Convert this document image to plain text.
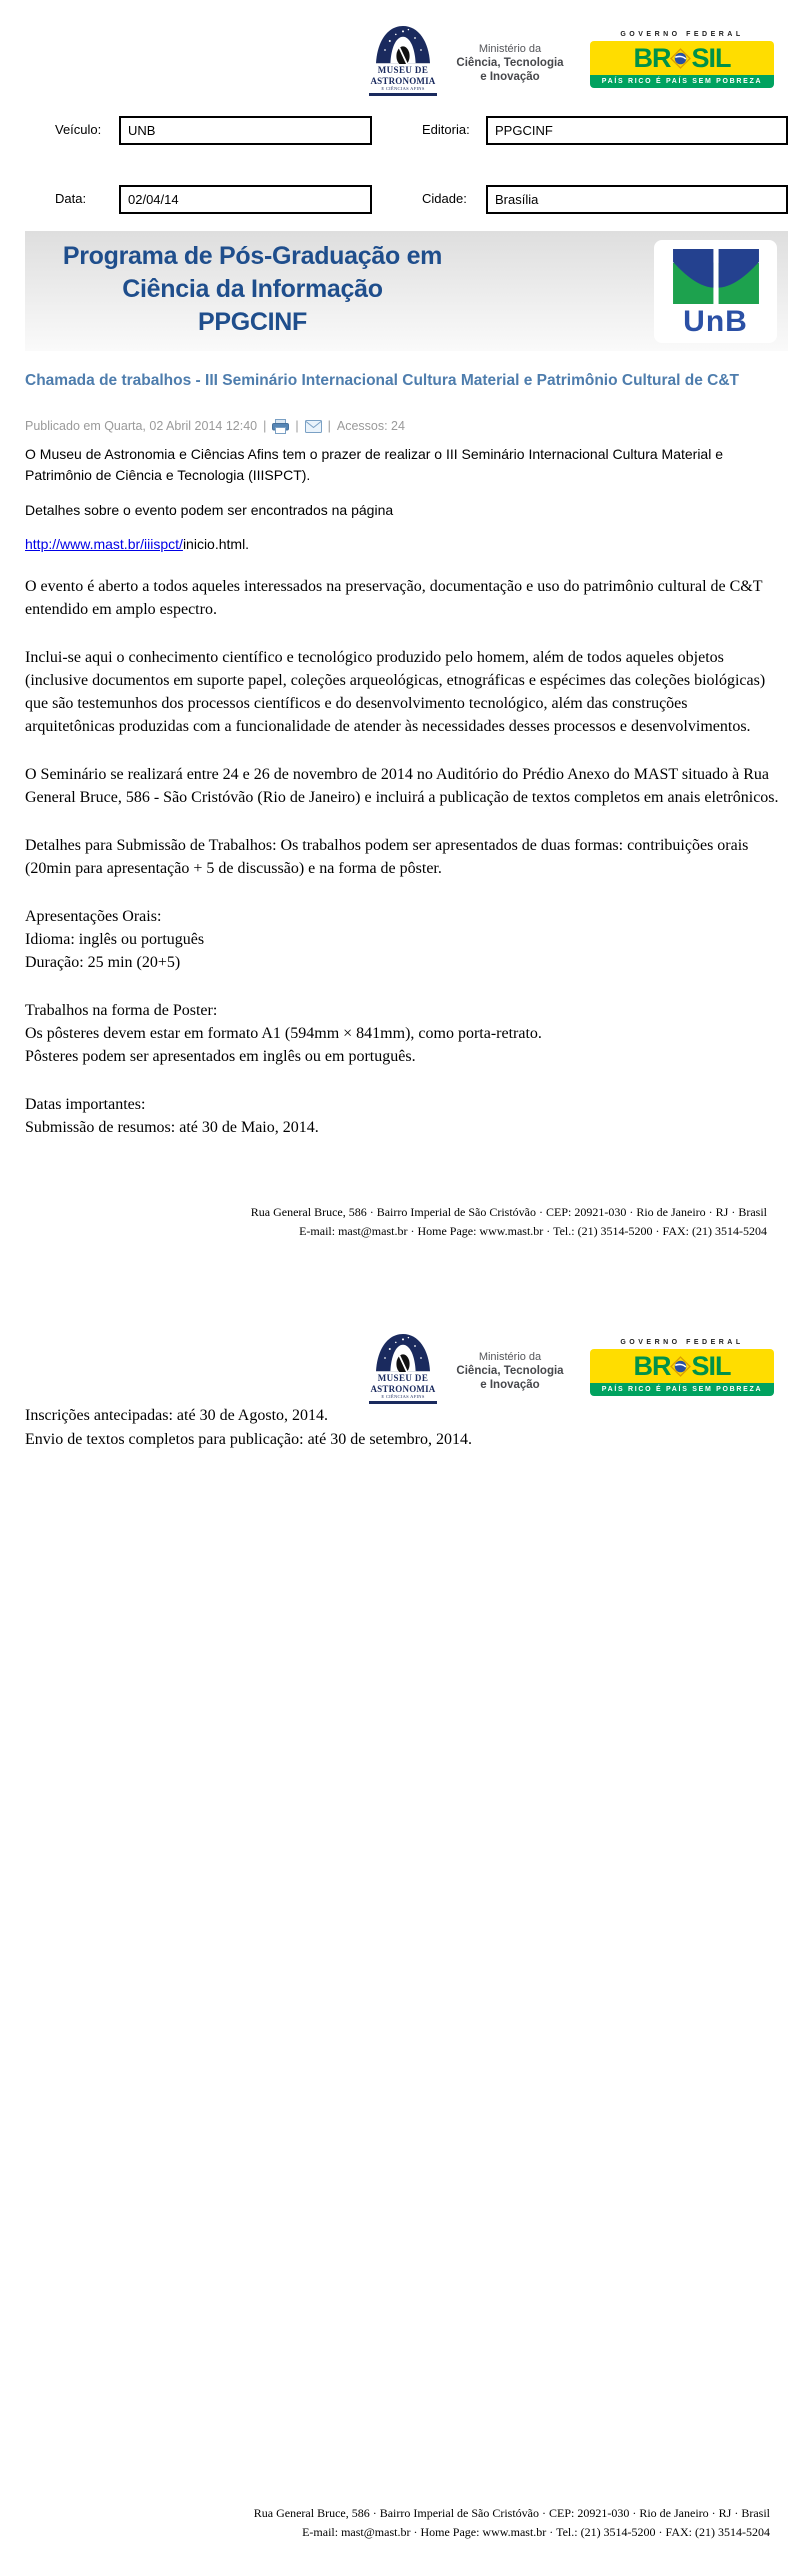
MUSEU DE
ASTRONOMIA
E CIÊNCIAS AFINS
Ministério da
Ciência, Tecnologia
e Inovação
GOVERNO FEDERAL
BR SIL
PAÍS RICO É PAÍS SEM POBREZA
Veículo:	UNB	Editoria:	PPGCINF
Data:	02/04/14	Cidade:	Brasília
Programa de Pós-Graduação em
Ciência da Informação
PPGCINF	UnB
Chamada de trabalhos - III Seminário Internacional Cultura Material e Patrimônio Cultural de C&T
Publicado em Quarta, 02 Abril 2014 12:40 | | | Acessos: 24

O Museu de Astronomia e Ciências Afins tem o prazer de realizar o III Seminário Internacional Cultura Material e Patrimônio de Ciência e Tecnologia (IIISPCT).

Detalhes sobre o evento podem ser encontrados na página

http://www.mast.br/iiispct/inicio.html.

O evento é aberto a todos aqueles interessados na preservação, documentação e uso do patrimônio cultural de C&T entendido em amplo espectro.

Inclui-se aqui o conhecimento científico e tecnológico produzido pelo homem, além de todos aqueles objetos (inclusive documentos em suporte papel, coleções arqueológicas, etnográficas e espécimes das coleções biológicas) que são testemunhos dos processos científicos e do desenvolvimento tecnológico, além das construções arquitetônicas produzidas com a funcionalidade de atender às necessidades desses processos e desenvolvimentos.

O Seminário se realizará entre 24 e 26 de novembro de 2014 no Auditório do Prédio Anexo do MAST situado à Rua General Bruce, 586 - São Cristóvão (Rio de Janeiro) e incluirá a publicação de textos completos em anais eletrônicos.

Detalhes para Submissão de Trabalhos: Os trabalhos podem ser apresentados de duas formas: contribuições orais (20min para apresentação + 5 de discussão) e na forma de pôster.

Apresentações Orais:
Idioma: inglês ou português
Duração: 25 min (20+5)

Trabalhos na forma de Poster:
Os pôsteres devem estar em formato A1 (594mm × 841mm), como porta-retrato.
Pôsteres podem ser apresentados em inglês ou em português.

Datas importantes:
Submissão de resumos: até 30 de Maio, 2014.

Rua General Bruce, 586 · Bairro Imperial de São Cristóvão · CEP: 20921-030 · Rio de Janeiro · RJ · Brasil
E-mail: mast@mast.br · Home Page: www.mast.br · Tel.: (21) 3514-5200 · FAX: (21) 3514-5204
MUSEU DE
ASTRONOMIA
E CIÊNCIAS AFINS
Ministério da
Ciência, Tecnologia
e Inovação
GOVERNO FEDERAL
BR SIL
PAÍS RICO É PAÍS SEM POBREZA
Inscrições antecipadas: até 30 de Agosto, 2014.
Envio de textos completos para publicação: até 30 de setembro, 2014.
Rua General Bruce, 586 · Bairro Imperial de São Cristóvão · CEP: 20921-030 · Rio de Janeiro · RJ · Brasil
E-mail: mast@mast.br · Home Page: www.mast.br · Tel.: (21) 3514-5200 · FAX: (21) 3514-5204
